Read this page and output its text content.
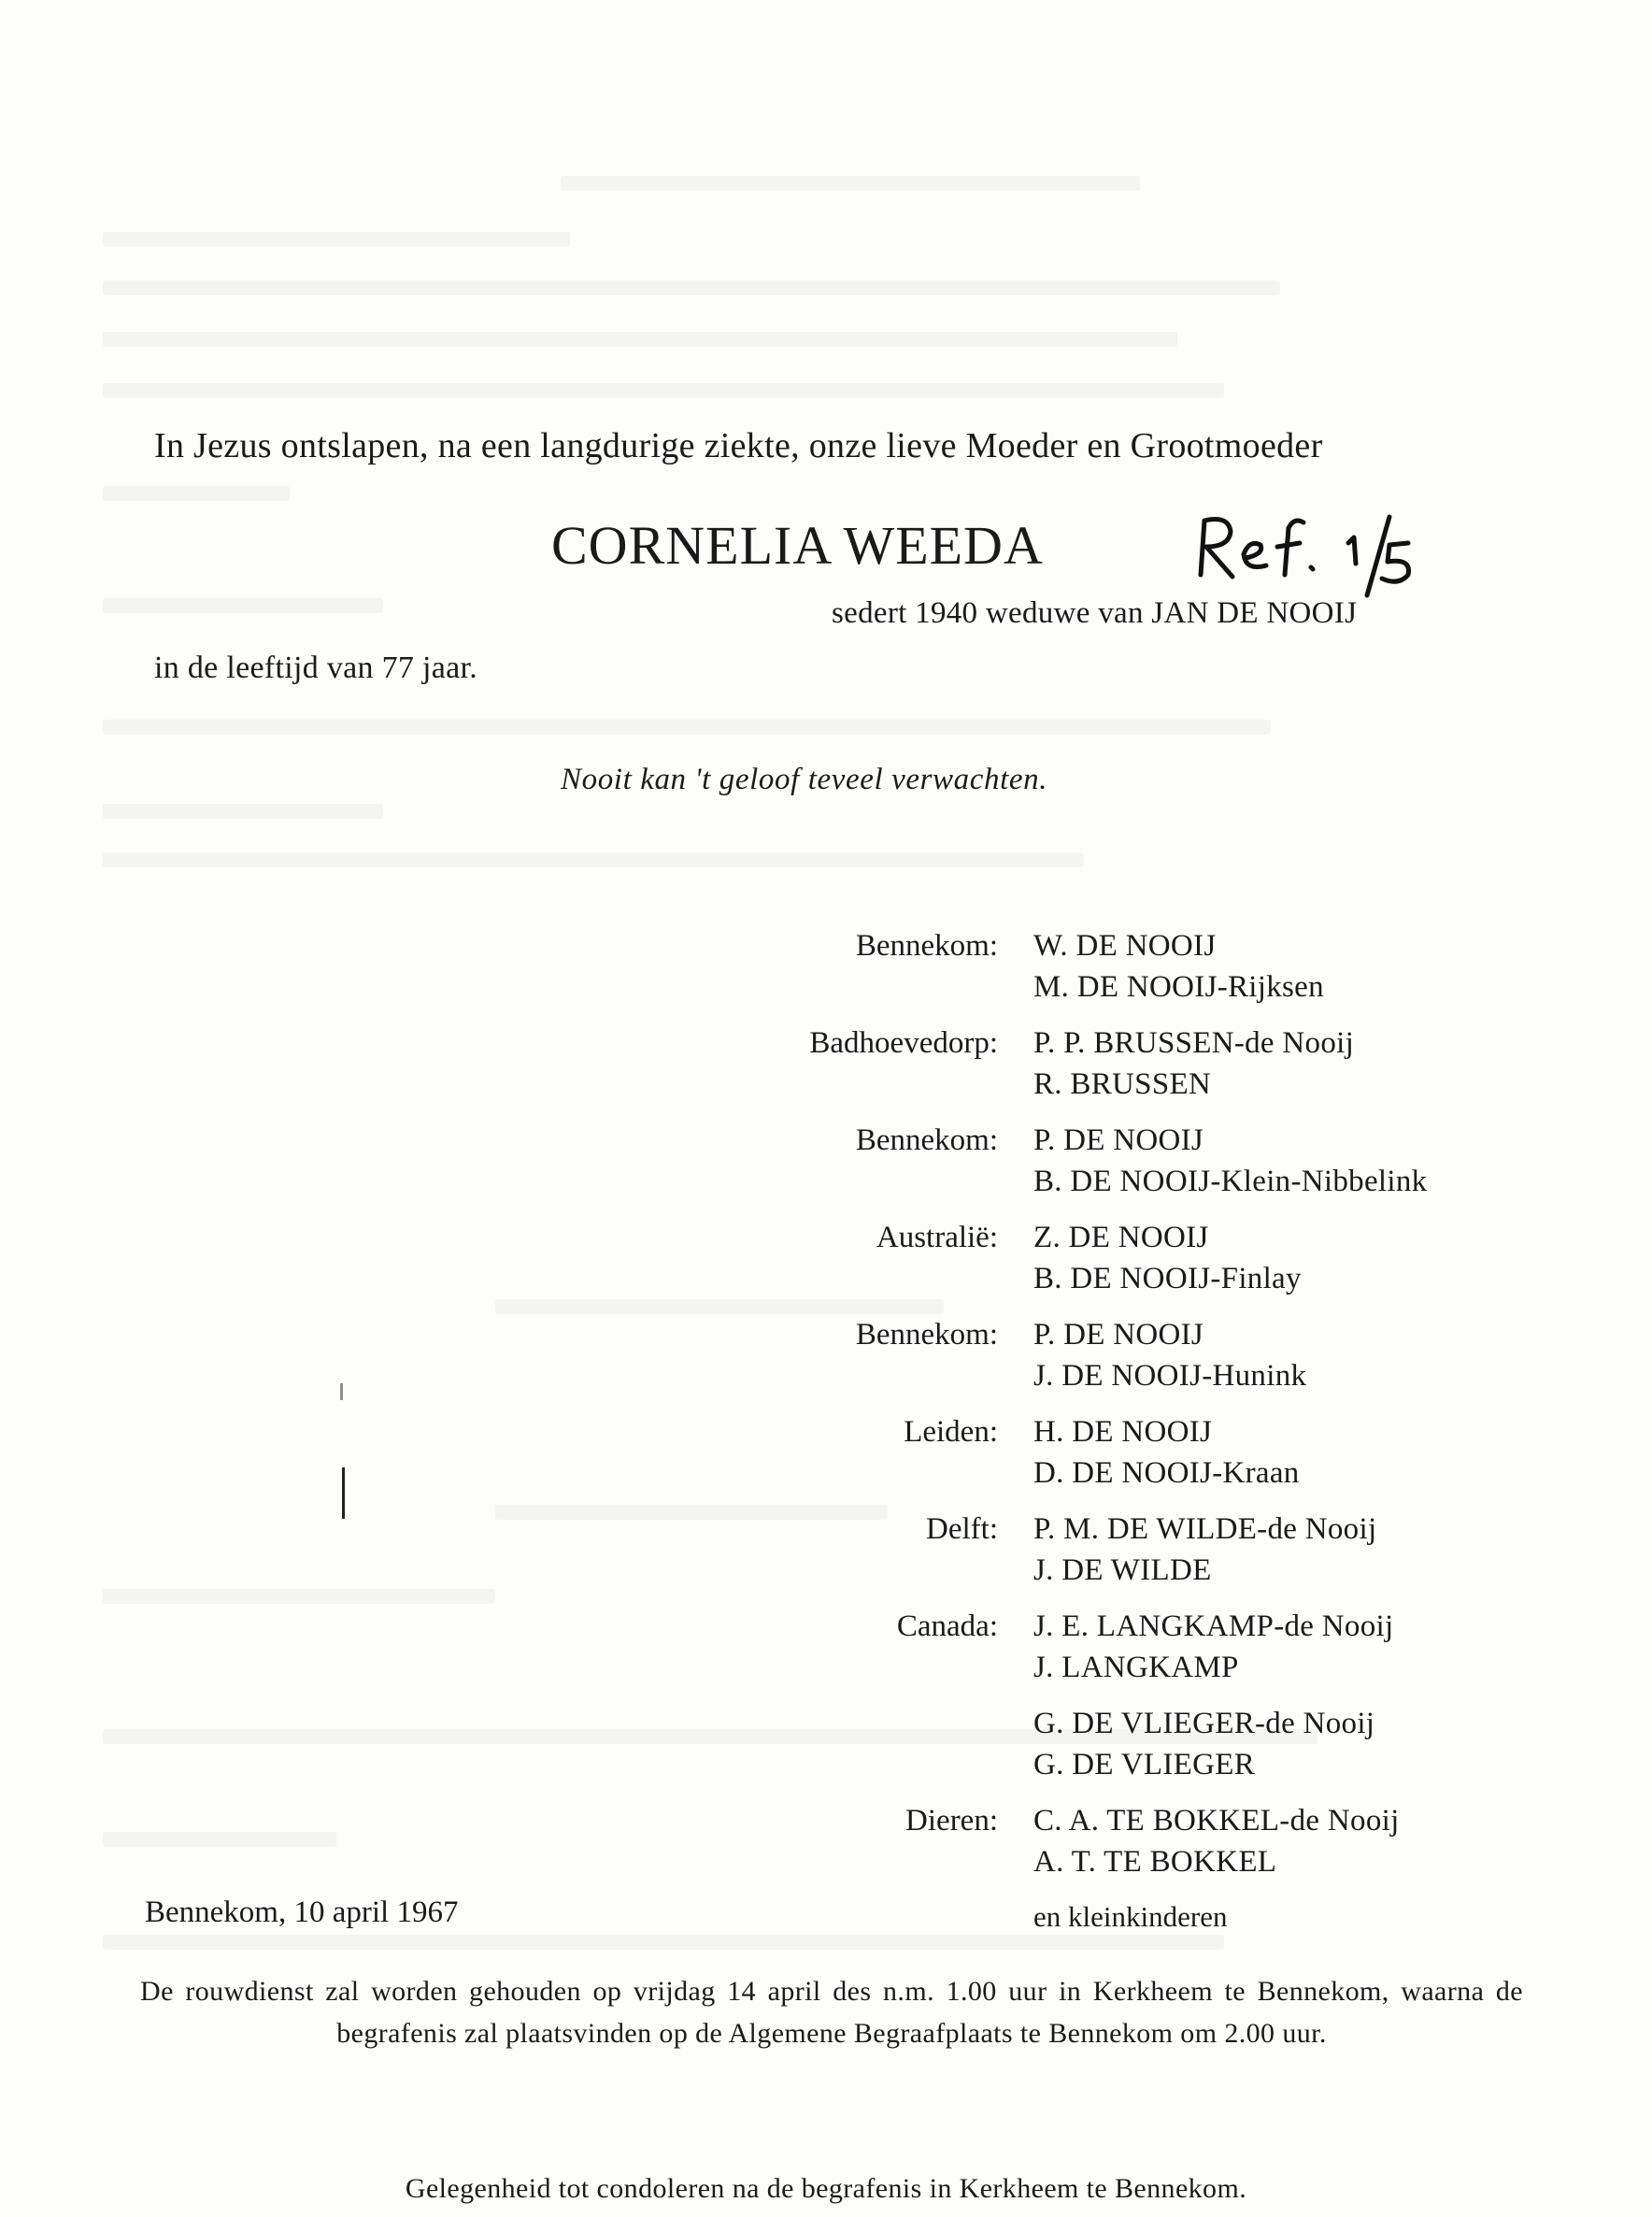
In Jezus ontslapen, na een langdurige ziekte, onze lieve Moeder en Grootmoeder
CORNELIA WEEDA
sedert 1940 weduwe van JAN DE NOOIJ
in de leeftijd van 77 jaar.
Nooit kan 't geloof teveel verwachten.
Bennekom: W. DE NOOIJ
M. DE NOOIJ-Rijksen
Badhoevedorp: P. P. BRUSSEN-de Nooij
R. BRUSSEN
Bennekom: P. DE NOOIJ
B. DE NOOIJ-Klein-Nibbelink
Australië: Z. DE NOOIJ
B. DE NOOIJ-Finlay
Bennekom: P. DE NOOIJ
J. DE NOOIJ-Hunink
Leiden: H. DE NOOIJ
D. DE NOOIJ-Kraan
Delft: P. M. DE WILDE-de Nooij
J. DE WILDE
Canada: J. E. LANGKAMP-de Nooij
J. LANGKAMP
G. DE VLIEGER-de Nooij
G. DE VLIEGER
Dieren: C. A. TE BOKKEL-de Nooij
A. T. TE BOKKEL
Bennekom, 10 april 1967	en kleinkinderen
De rouwdienst zal worden gehouden op vrijdag 14 april des n.m. 1.00 uur in Kerkheem te Bennekom, waarna de begrafenis zal plaatsvinden op de Algemene Begraafplaats te Bennekom om 2.00 uur.
Gelegenheid tot condoleren na de begrafenis in Kerkheem te Bennekom.
